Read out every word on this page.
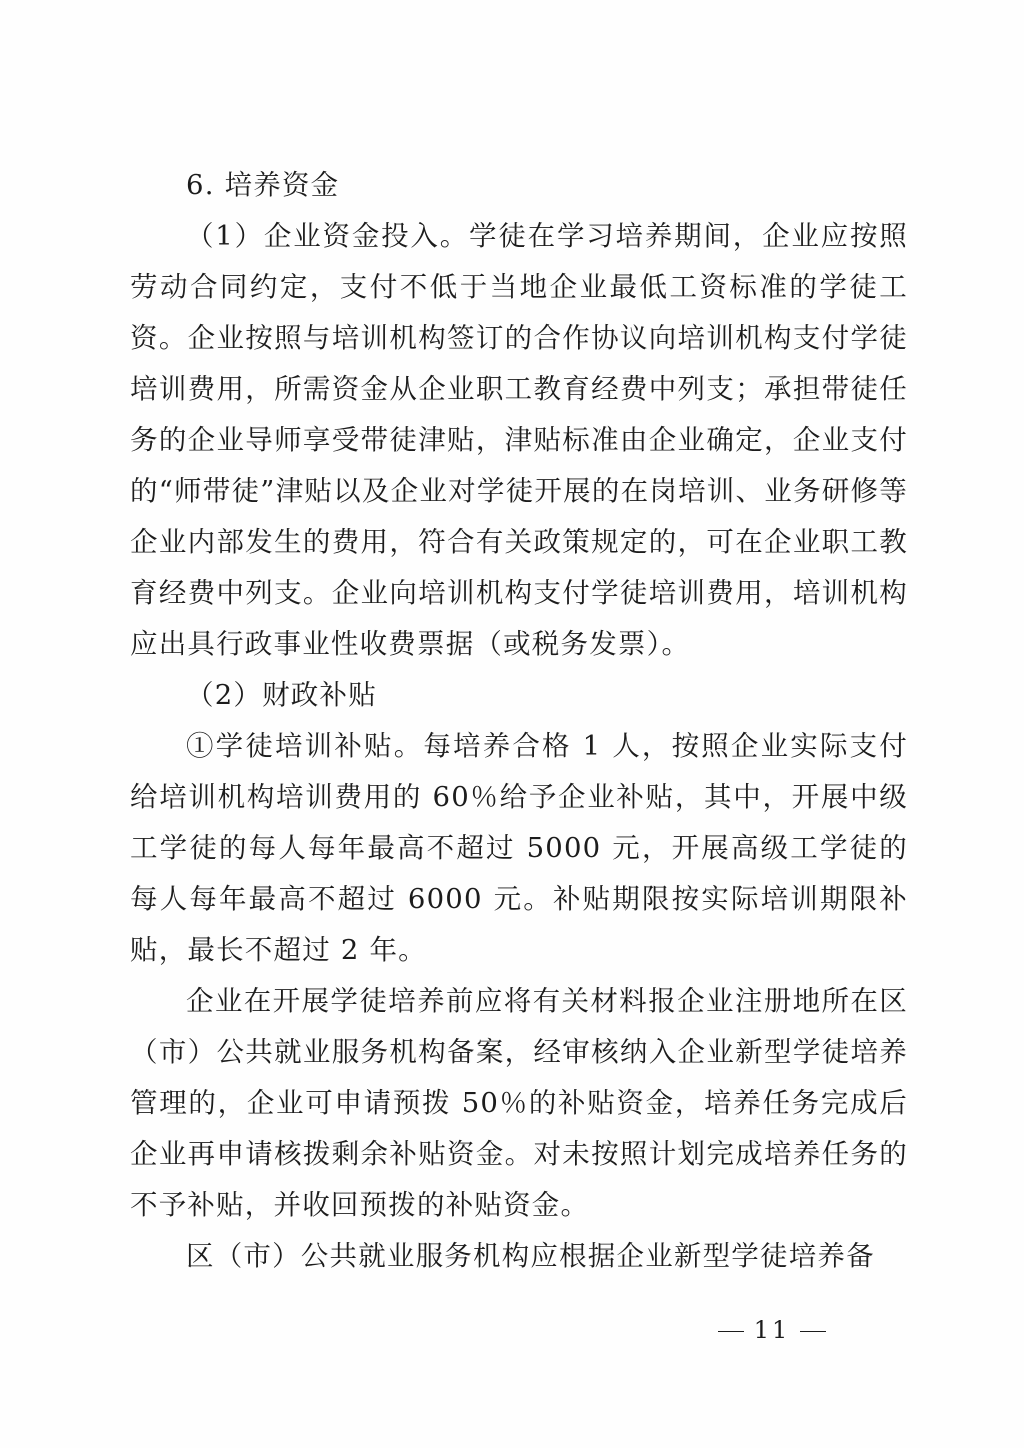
6. 培养资金

（1）企业资金投入。学徒在学习培养期间，企业应按照劳动合同约定，支付不低于当地企业最低工资标准的学徒工资。企业按照与培训机构签订的合作协议向培训机构支付学徒培训费用，所需资金从企业职工教育经费中列支；承担带徒任务的企业导师享受带徒津贴，津贴标准由企业确定，企业支付的“师带徒”津贴以及企业对学徒开展的在岗培训、业务研修等企业内部发生的费用，符合有关政策规定的，可在企业职工教育经费中列支。企业向培训机构支付学徒培训费用，培训机构应出具行政事业性收费票据（或税务发票）。

（2）财政补贴

①学徒培训补贴。每培养合格 1 人，按照企业实际支付给培训机构培训费用的 60％给予企业补贴，其中，开展中级工学徒的每人每年最高不超过 5000 元，开展高级工学徒的每人每年最高不超过 6000 元。补贴期限按实际培训期限补贴，最长不超过 2 年。

企业在开展学徒培养前应将有关材料报企业注册地所在区（市）公共就业服务机构备案，经审核纳入企业新型学徒培养管理的，企业可申请预拨 50％的补贴资金，培养任务完成后企业再申请核拨剩余补贴资金。对未按照计划完成培养任务的不予补贴，并收回预拨的补贴资金。

区（市）公共就业服务机构应根据企业新型学徒培养备

11
